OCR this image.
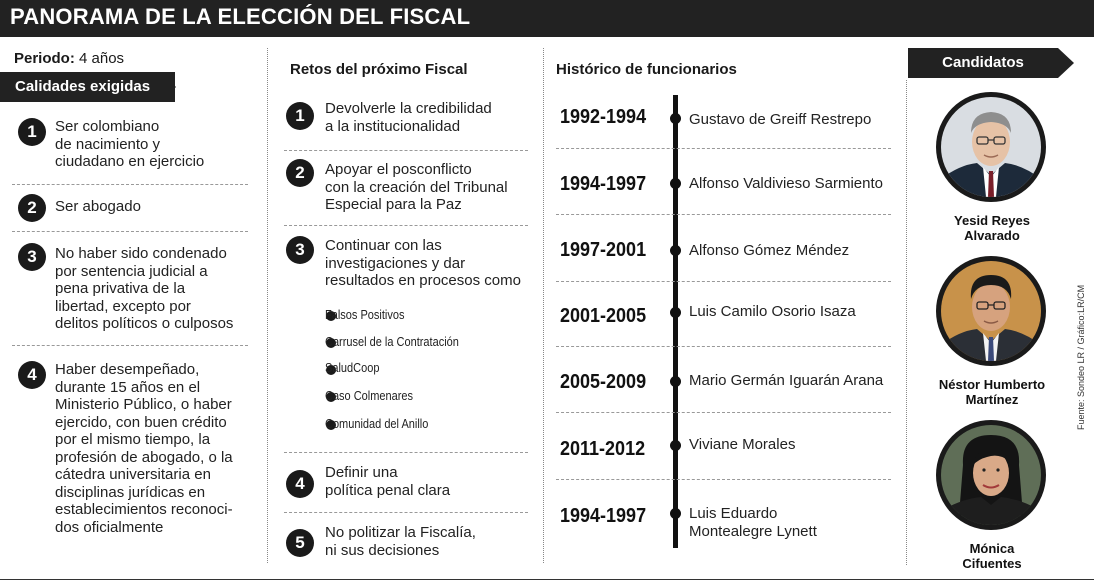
PANORAMA DE LA ELECCIÓN DEL FISCAL
Periodo: 4 años
Calidades exigidas
1	Ser colombiano
de nacimiento y
ciudadano en ejercicio
2	Ser abogado
3	No haber sido condenado
por sentencia judicial a
pena privativa de la
libertad, excepto por
delitos políticos o culposos
4	Haber desempeñado,
durante 15 años en el
Ministerio Público, o haber
ejercido, con buen crédito
por el mismo tiempo, la
profesión de abogado, o la
cátedra universitaria en
disciplinas jurídicas en
establecimientos reconoci-
dos oficialmente
Retos del próximo Fiscal
1	Devolverle la credibilidad
a la institucionalidad
2	Apoyar el posconflicto
con la creación del Tribunal
Especial para la Paz
3	Continuar con las
investigaciones y dar
resultados en procesos como
Falsos Positivos
Carrusel de la Contratación
SaludCoop
Caso Colmenares
Comunidad del Anillo
4
Definir una
política penal clara
5
No politizar la Fiscalía,
ni sus decisiones
Histórico de funcionarios
1992-1994	Gustavo de Greiff Restrepo
1994-1997	Alfonso Valdivieso Sarmiento
1997-2001	Alfonso Gómez Méndez
2001-2005	Luis Camilo Osorio Isaza
2005-2009	Mario Germán Iguarán Arana
2011-2012	Viviane Morales
1994-1997	Luis Eduardo
Montealegre Lynett
Candidatos
Yesid Reyes
Alvarado
Néstor Humberto
Martínez
Mónica
Cifuentes
Fuente: Sondeo LR / Gráfico:LR/CM
